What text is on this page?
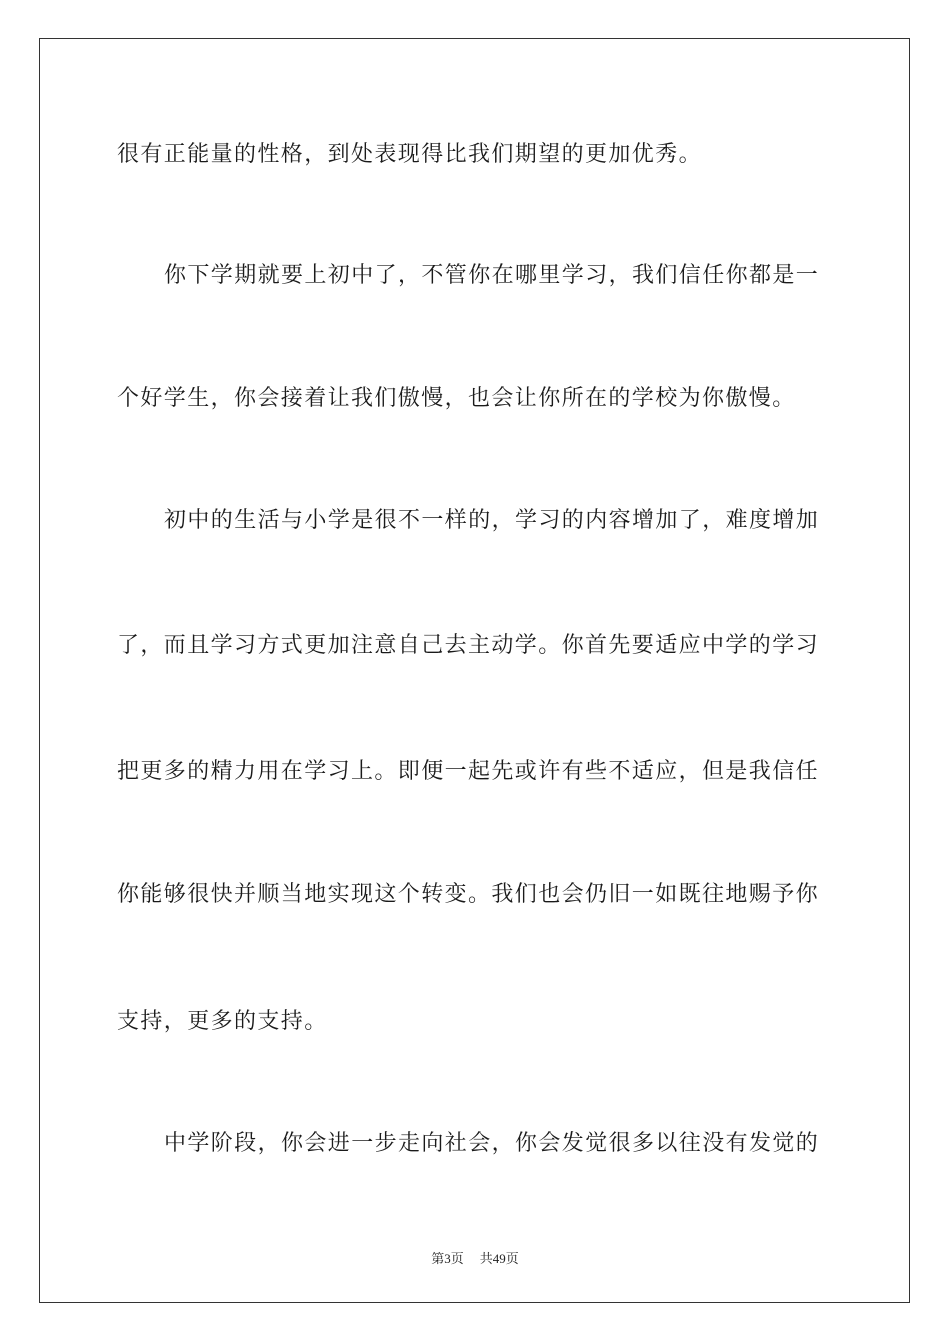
很有正能量的性格，到处表现得比我们期望的更加优秀。
你下学期就要上初中了，不管你在哪里学习，我们信任你都是一
个好学生，你会接着让我们傲慢，也会让你所在的学校为你傲慢。
初中的生活与小学是很不一样的，学习的内容增加了，难度增加
了，而且学习方式更加注意自己去主动学。你首先要适应中学的学习
把更多的精力用在学习上。即便一起先或许有些不适应，但是我信任
你能够很快并顺当地实现这个转变。我们也会仍旧一如既往地赐予你
支持，更多的支持。
中学阶段，你会进一步走向社会，你会发觉很多以往没有发觉的
第3页 共49页
